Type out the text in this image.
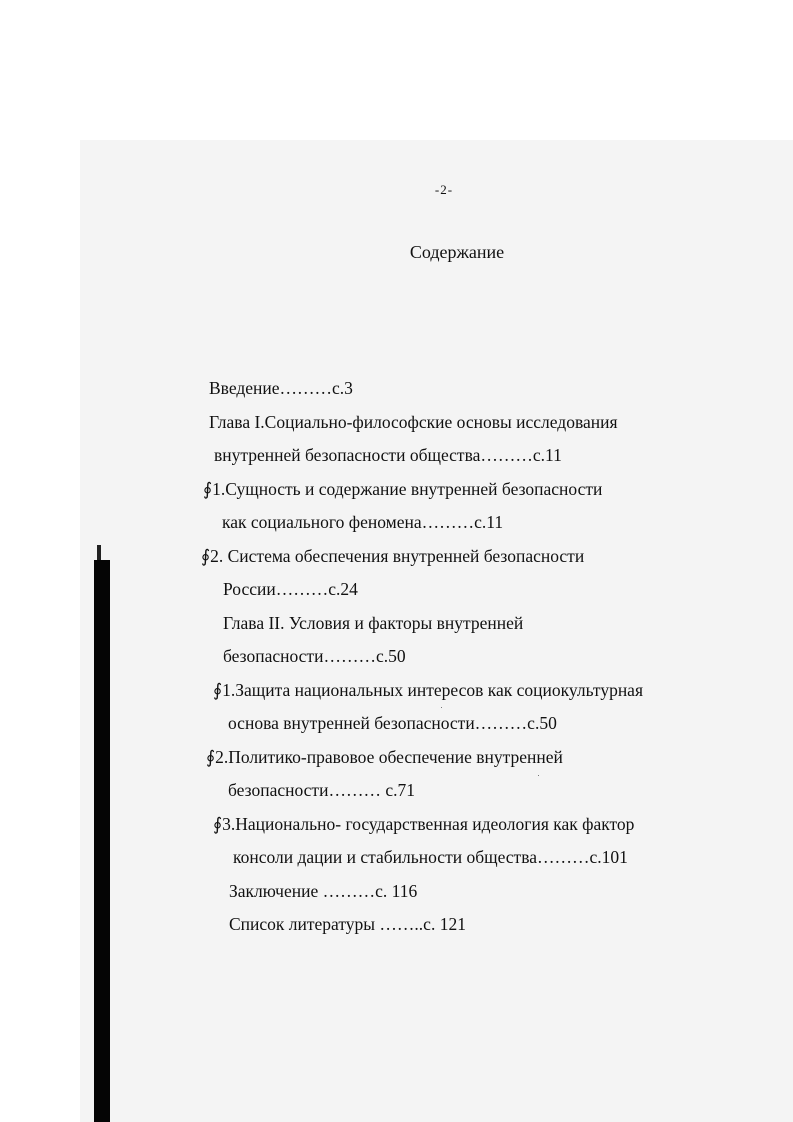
-2-
Содержание
Введение………с.3
Глава I.Социально-философские основы исследования
внутренней безопасности общества………с.11
∮1.Сущность и содержание внутренней безопасности
как социального феномена………с.11
∮2. Система обеспечения внутренней безопасности
России………с.24
Глава II. Условия и факторы внутренней
безопасности………с.50
∮1.Защита национальных интересов как социокультурная
основа внутренней безопасности………с.50
∮2.Политико-правовое обеспечение внутренней
безопасности……… с.71
∮3.Национально- государственная идеология как фактор
консоли дации и стабильности общества………с.101
Заключение ………с. 116
Список литературы ……..с. 121
